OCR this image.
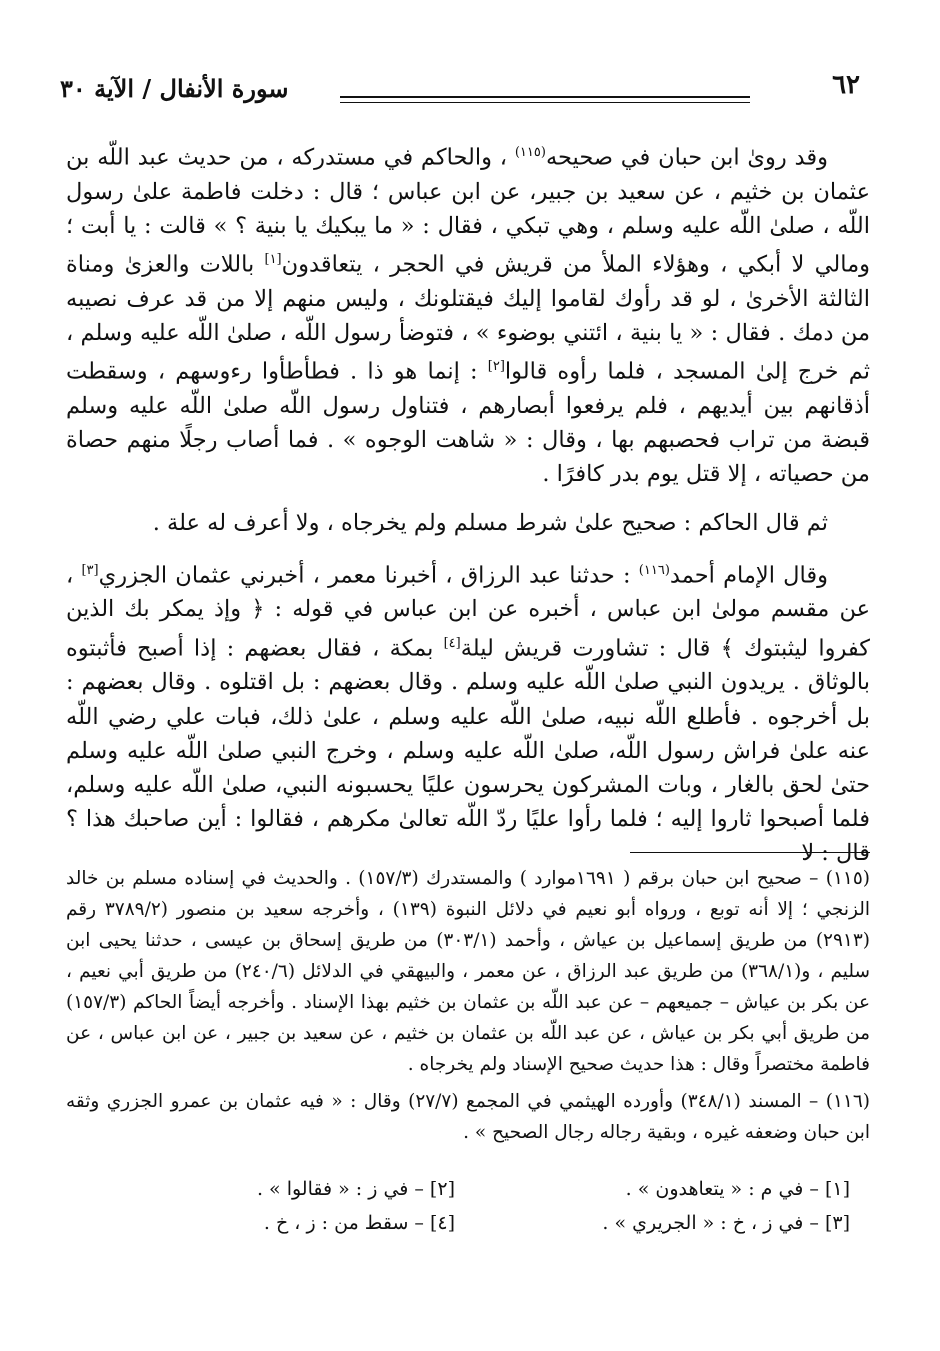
٦٢
سورة الأنفال / الآية ٣٠

وقد روىٰ ابن حبان في صحيحه$^{(١١٥)}$ ، والحاكم في مستدركه ، من حديث عبد اللّه بن عثمان بن خثيم ، عن سعيد بن جبير، عن ابن عباس ؛ قال : دخلت فاطمة علىٰ رسول اللّه ، صلىٰ اللّه عليه وسلم ، وهي تبكي ، فقال : « ما يبكيك يا بنية ؟ » قالت : يا أبت ؛ ومالي لا أبكي ، وهؤلاء الملأ من قريش في الحجر ، يتعاقدون[١] باللات والعزىٰ ومناة الثالثة الأخرىٰ ، لو قد رأوك لقاموا إليك فيقتلونك ، وليس منهم إلا من قد عرف نصيبه من دمك . فقال : « يا بنية ، ائتني بوضوء » ، فتوضأ رسول اللّه ، صلىٰ اللّه عليه وسلم ، ثم خرج إلىٰ المسجد ، فلما رأوه قالوا[٢] : إنما هو ذا . فطأطأوا رءوسهم ، وسقطت أذقانهم بين أيديهم ، فلم يرفعوا أبصارهم ، فتناول رسول اللّه صلىٰ اللّه عليه وسلم قبضة من تراب فحصبهم بها ، وقال : « شاهت الوجوه » . فما أصاب رجلًا منهم حصاة من حصياته ، إلا قتل يوم بدر كافرًا .

ثم قال الحاكم : صحيح علىٰ شرط مسلم ولم يخرجاه ، ولا أعرف له علة .

وقال الإمام أحمد$^{(١١٦)}$ : حدثنا عبد الرزاق ، أخبرنا معمر ، أخبرني عثمان الجزري[٣] ، عن مقسم مولىٰ ابن عباس ، أخبره عن ابن عباس في قوله : ﴿ وإذ يمكر بك الذين كفروا ليثبتوك ﴾ قال : تشاورت قريش ليلة[٤] بمكة ، فقال بعضهم : إذا أصبح فأثبتوه بالوثاق . يريدون النبي صلىٰ اللّه عليه وسلم . وقال بعضهم : بل اقتلوه . وقال بعضهم : بل أخرجوه . فأطلع اللّه نبيه، صلىٰ اللّه عليه وسلم ، علىٰ ذلك، فبات علي رضي اللّه عنه علىٰ فراش رسول اللّه، صلىٰ اللّه عليه وسلم ، وخرج النبي صلىٰ اللّه عليه وسلم حتىٰ لحق بالغار ، وبات المشركون يحرسون عليًا يحسبونه النبي، صلىٰ اللّه عليه وسلم، فلما أصبحوا ثاروا إليه ؛ فلما رأوا عليًا ردّ اللّه تعالىٰ مكرهم ، فقالوا : أين صاحبك هذا ؟ قال : لا

(١١٥) – صحيح ابن حبان برقم ( ١٦٩١موارد ) والمستدرك (١٥٧/٣) . والحديث في إسناده مسلم بن خالد الزنجي ؛ إلا أنه توبع ، ورواه أبو نعيم في دلائل النبوة (١٣٩) ، وأخرجه سعيد بن منصور (٣٧٨٩/٢ رقم (٢٩١٣) من طريق إسماعيل بن عياش ، وأحمد (٣٠٣/١) من طريق إسحاق بن عيسى ، حدثنا يحيى ابن سليم ، و(٣٦٨/١) من طريق عبد الرزاق ، عن معمر ، والبيهقي في الدلائل (٢٤٠/٦) من طريق أبي نعيم ، عن بكر بن عياش – جميعهم – عن عبد اللّه بن عثمان بن خثيم بهذا الإسناد . وأخرجه أيضاً الحاكم (١٥٧/٣) من طريق أبي بكر بن عياش ، عن عبد اللّه بن عثمان بن خثيم ، عن سعيد بن جبير ، عن ابن عباس ، عن فاطمة مختصراً وقال : هذا حديث صحيح الإسناد ولم يخرجاه .

(١١٦) – المسند (٣٤٨/١) وأورده الهيثمي في المجمع (٢٧/٧) وقال : « فيه عثمان بن عمرو الجزري وثقه ابن حبان وضعفه غيره ، وبقية رجاله رجال الصحيح » .

[١] – في م : « يتعاهدون » .
[٢] – في ز : « فقالوا » .
[٣] – في ز ، خ : « الجريري » .
[٤] – سقط من : ز ، خ .
